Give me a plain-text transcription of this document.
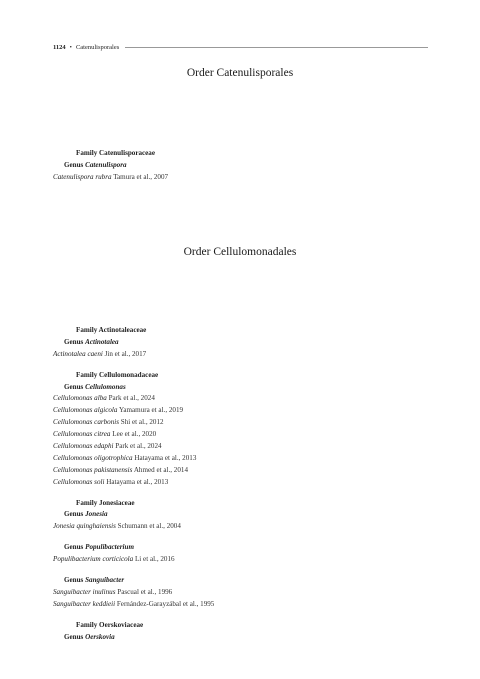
1124 • Catenulisporales
Order Catenulisporales
Family Catenulisporaceae
Genus Catenulispora
Catenulispora rubra Tamura et al., 2007
Order Cellulomonadales
Family Actinotaleaceae
Genus Actinotalea
Actinotalea caeni Jin et al., 2017
Family Cellulomonadaceae
Genus Cellulomonas
Cellulomonas alba Park et al., 2024
Cellulomonas algicola Yamamura et al., 2019
Cellulomonas carbonis Shi et al., 2012
Cellulomonas citrea Lee et al., 2020
Cellulomonas edaphi Park et al., 2024
Cellulomonas oligotrophica Hatayama et al., 2013
Cellulomonas pakistanensis Ahmed et al., 2014
Cellulomonas soli Hatayama et al., 2013
Family Jonesiaceae
Genus Jonesia
Jonesia quinghaiensis Schumann et al., 2004
Genus Populibacterium
Populibacterium corticicola Li et al., 2016
Genus Sanguibacter
Sanguibacter inulinus Pascual et al., 1996
Sanguibacter keddieii Fernández-Garayzábal et al., 1995
Family Oerskoviaceae
Genus Oerskovia
